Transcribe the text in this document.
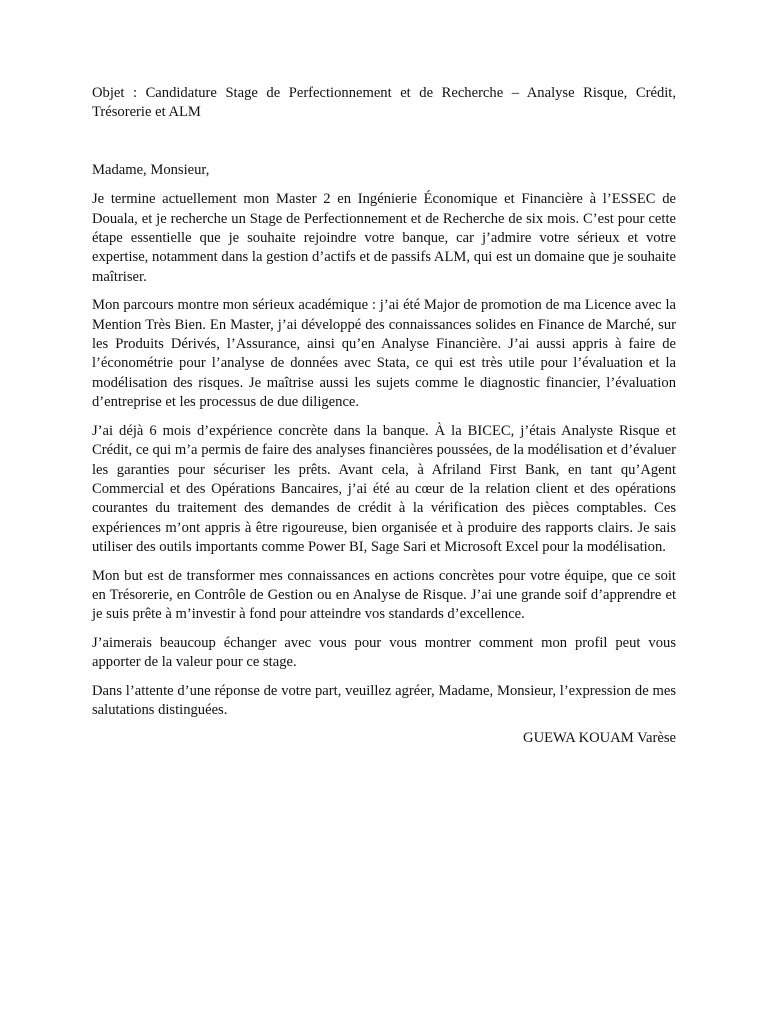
Objet : Candidature Stage de Perfectionnement et de Recherche – Analyse Risque, Crédit, Trésorerie et ALM

Madame, Monsieur,

Je termine actuellement mon Master 2 en Ingénierie Économique et Financière à l’ESSEC de Douala, et je recherche un Stage de Perfectionnement et de Recherche de six mois. C’est pour cette étape essentielle que je souhaite rejoindre votre banque, car j’admire votre sérieux et votre expertise, notamment dans la gestion d’actifs et de passifs ALM, qui est un domaine que je souhaite maîtriser.

Mon parcours montre mon sérieux académique : j’ai été Major de promotion de ma Licence avec la Mention Très Bien. En Master, j’ai développé des connaissances solides en Finance de Marché, sur les Produits Dérivés, l’Assurance, ainsi qu’en Analyse Financière. J’ai aussi appris à faire de l’économétrie pour l’analyse de données avec Stata, ce qui est très utile pour l’évaluation et la modélisation des risques. Je maîtrise aussi les sujets comme le diagnostic financier, l’évaluation d’entreprise et les processus de due diligence.

J’ai déjà 6 mois d’expérience concrète dans la banque. À la BICEC, j’étais Analyste Risque et Crédit, ce qui m’a permis de faire des analyses financières poussées, de la modélisation et d’évaluer les garanties pour sécuriser les prêts. Avant cela, à Afriland First Bank, en tant qu’Agent Commercial et des Opérations Bancaires, j’ai été au cœur de la relation client et des opérations courantes du traitement des demandes de crédit à la vérification des pièces comptables. Ces expériences m’ont appris à être rigoureuse, bien organisée et à produire des rapports clairs. Je sais utiliser des outils importants comme Power BI, Sage Sari et Microsoft Excel pour la modélisation.

Mon but est de transformer mes connaissances en actions concrètes pour votre équipe, que ce soit en Trésorerie, en Contrôle de Gestion ou en Analyse de Risque. J’ai une grande soif d’apprendre et je suis prête à m’investir à fond pour atteindre vos standards d’excellence.

J’aimerais beaucoup échanger avec vous pour vous montrer comment mon profil peut vous apporter de la valeur pour ce stage.

Dans l’attente d’une réponse de votre part, veuillez agréer, Madame, Monsieur, l’expression de mes salutations distinguées.

GUEWA KOUAM Varèse
